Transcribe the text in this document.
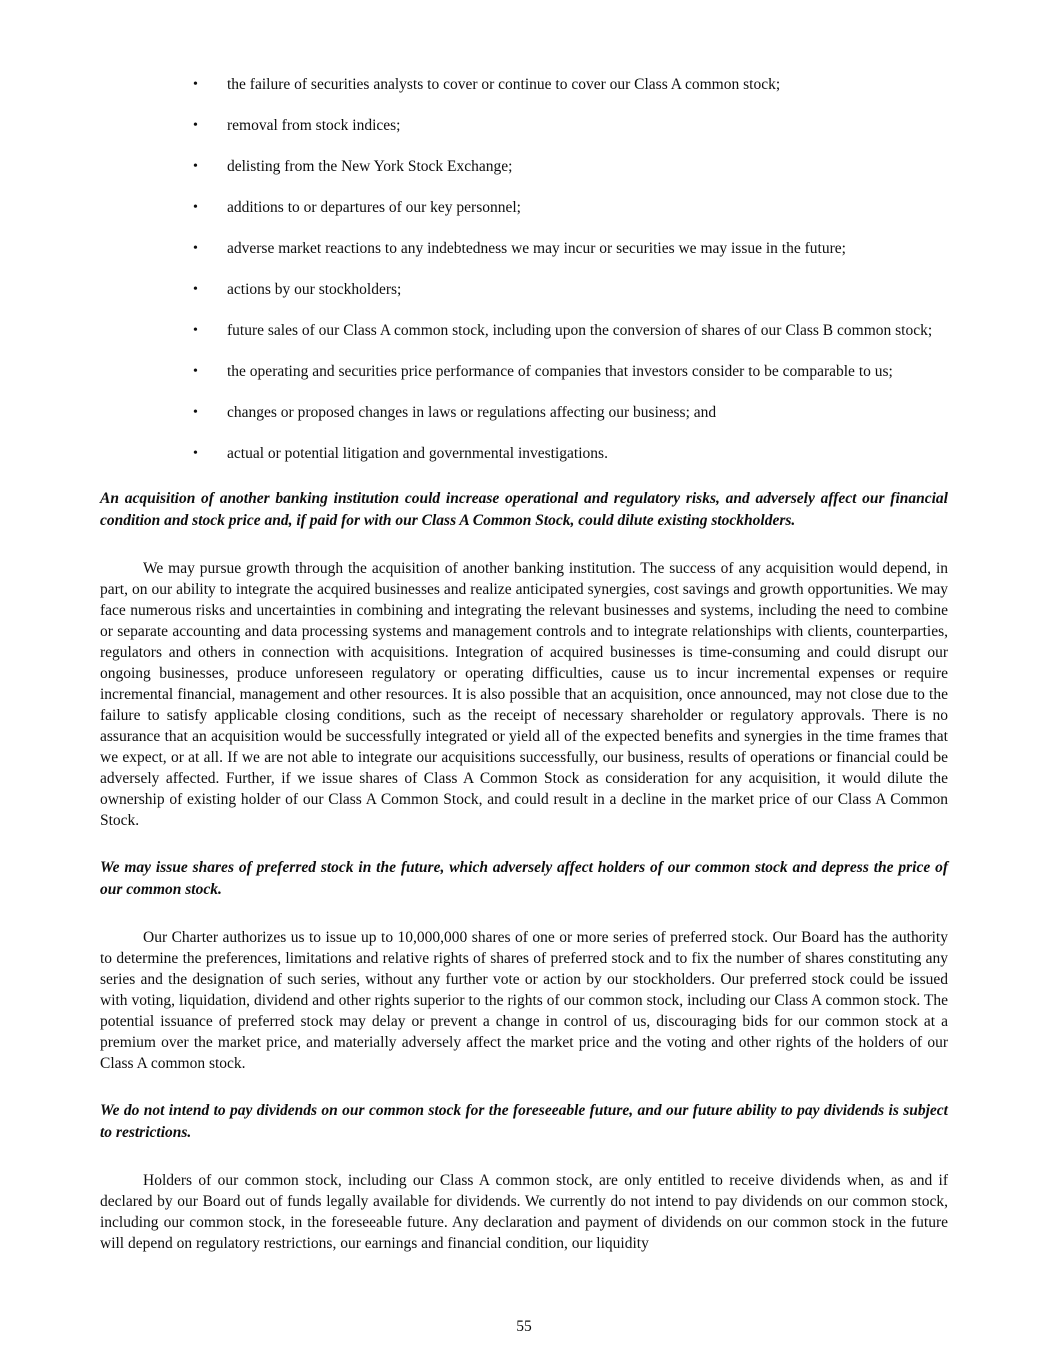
• the failure of securities analysts to cover or continue to cover our Class A common stock;
• removal from stock indices;
• delisting from the New York Stock Exchange;
• additions to or departures of our key personnel;
• adverse market reactions to any indebtedness we may incur or securities we may issue in the future;
• actions by our stockholders;
• future sales of our Class A common stock, including upon the conversion of shares of our Class B common stock;
• the operating and securities price performance of companies that investors consider to be comparable to us;
• changes or proposed changes in laws or regulations affecting our business; and
• actual or potential litigation and governmental investigations.
An acquisition of another banking institution could increase operational and regulatory risks, and adversely affect our financial condition and stock price and, if paid for with our Class A Common Stock, could dilute existing stockholders.

We may pursue growth through the acquisition of another banking institution. The success of any acquisition would depend, in part, on our ability to integrate the acquired businesses and realize anticipated synergies, cost savings and growth opportunities. We may face numerous risks and uncertainties in combining and integrating the relevant businesses and systems, including the need to combine or separate accounting and data processing systems and management controls and to integrate relationships with clients, counterparties, regulators and others in connection with acquisitions. Integration of acquired businesses is time-consuming and could disrupt our ongoing businesses, produce unforeseen regulatory or operating difficulties, cause us to incur incremental expenses or require incremental financial, management and other resources. It is also possible that an acquisition, once announced, may not close due to the failure to satisfy applicable closing conditions, such as the receipt of necessary shareholder or regulatory approvals. There is no assurance that an acquisition would be successfully integrated or yield all of the expected benefits and synergies in the time frames that we expect, or at all. If we are not able to integrate our acquisitions successfully, our business, results of operations or financial could be adversely affected. Further, if we issue shares of Class A Common Stock as consideration for any acquisition, it would dilute the ownership of existing holder of our Class A Common Stock, and could result in a decline in the market price of our Class A Common Stock.

We may issue shares of preferred stock in the future, which adversely affect holders of our common stock and depress the price of our common stock.

Our Charter authorizes us to issue up to 10,000,000 shares of one or more series of preferred stock. Our Board has the authority to determine the preferences, limitations and relative rights of shares of preferred stock and to fix the number of shares constituting any series and the designation of such series, without any further vote or action by our stockholders. Our preferred stock could be issued with voting, liquidation, dividend and other rights superior to the rights of our common stock, including our Class A common stock. The potential issuance of preferred stock may delay or prevent a change in control of us, discouraging bids for our common stock at a premium over the market price, and materially adversely affect the market price and the voting and other rights of the holders of our Class A common stock.

We do not intend to pay dividends on our common stock for the foreseeable future, and our future ability to pay dividends is subject to restrictions.

Holders of our common stock, including our Class A common stock, are only entitled to receive dividends when, as and if declared by our Board out of funds legally available for dividends. We currently do not intend to pay dividends on our common stock, including our common stock, in the foreseeable future. Any declaration and payment of dividends on our common stock in the future will depend on regulatory restrictions, our earnings and financial condition, our liquidity

55
